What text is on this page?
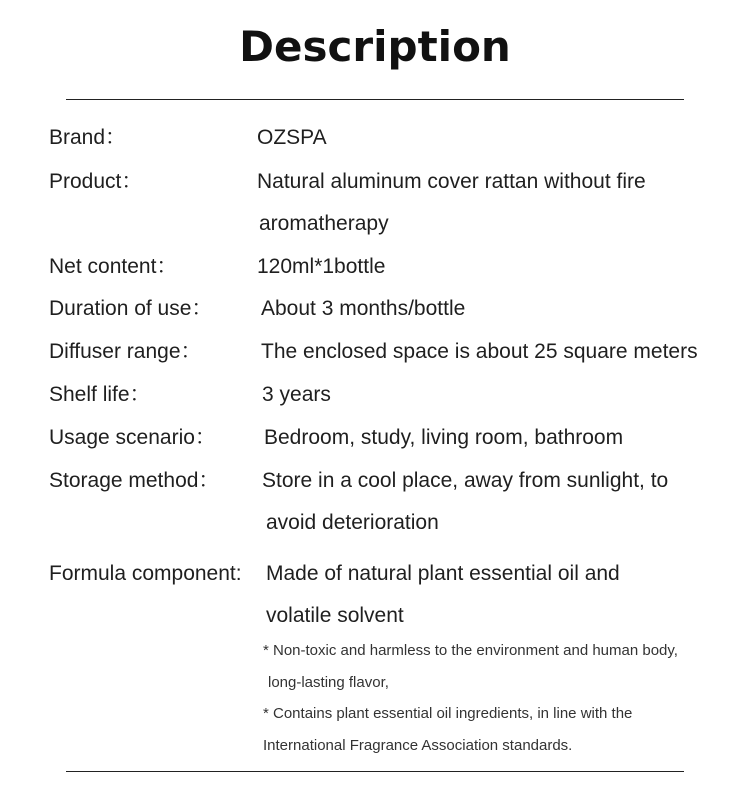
Description
Brand：	OZSPA
Product：	Natural aluminum cover rattan without fire
aromatherapy
Net content：	120ml*1bottle
Duration of use： About 3 months/bottle
Diffuser range：	The enclosed space is about 25 square meters
Shelf life：	3 years
Usage scenario： Bedroom, study, living room, bathroom
Storage method： Store in a cool place, away from sunlight, to
avoid deterioration
Formula component: Made of natural plant essential oil and
volatile solvent
* Non-toxic and harmless to the environment and human body,
long-lasting flavor,
* Contains plant essential oil ingredients, in line with the
International Fragrance Association standards.
